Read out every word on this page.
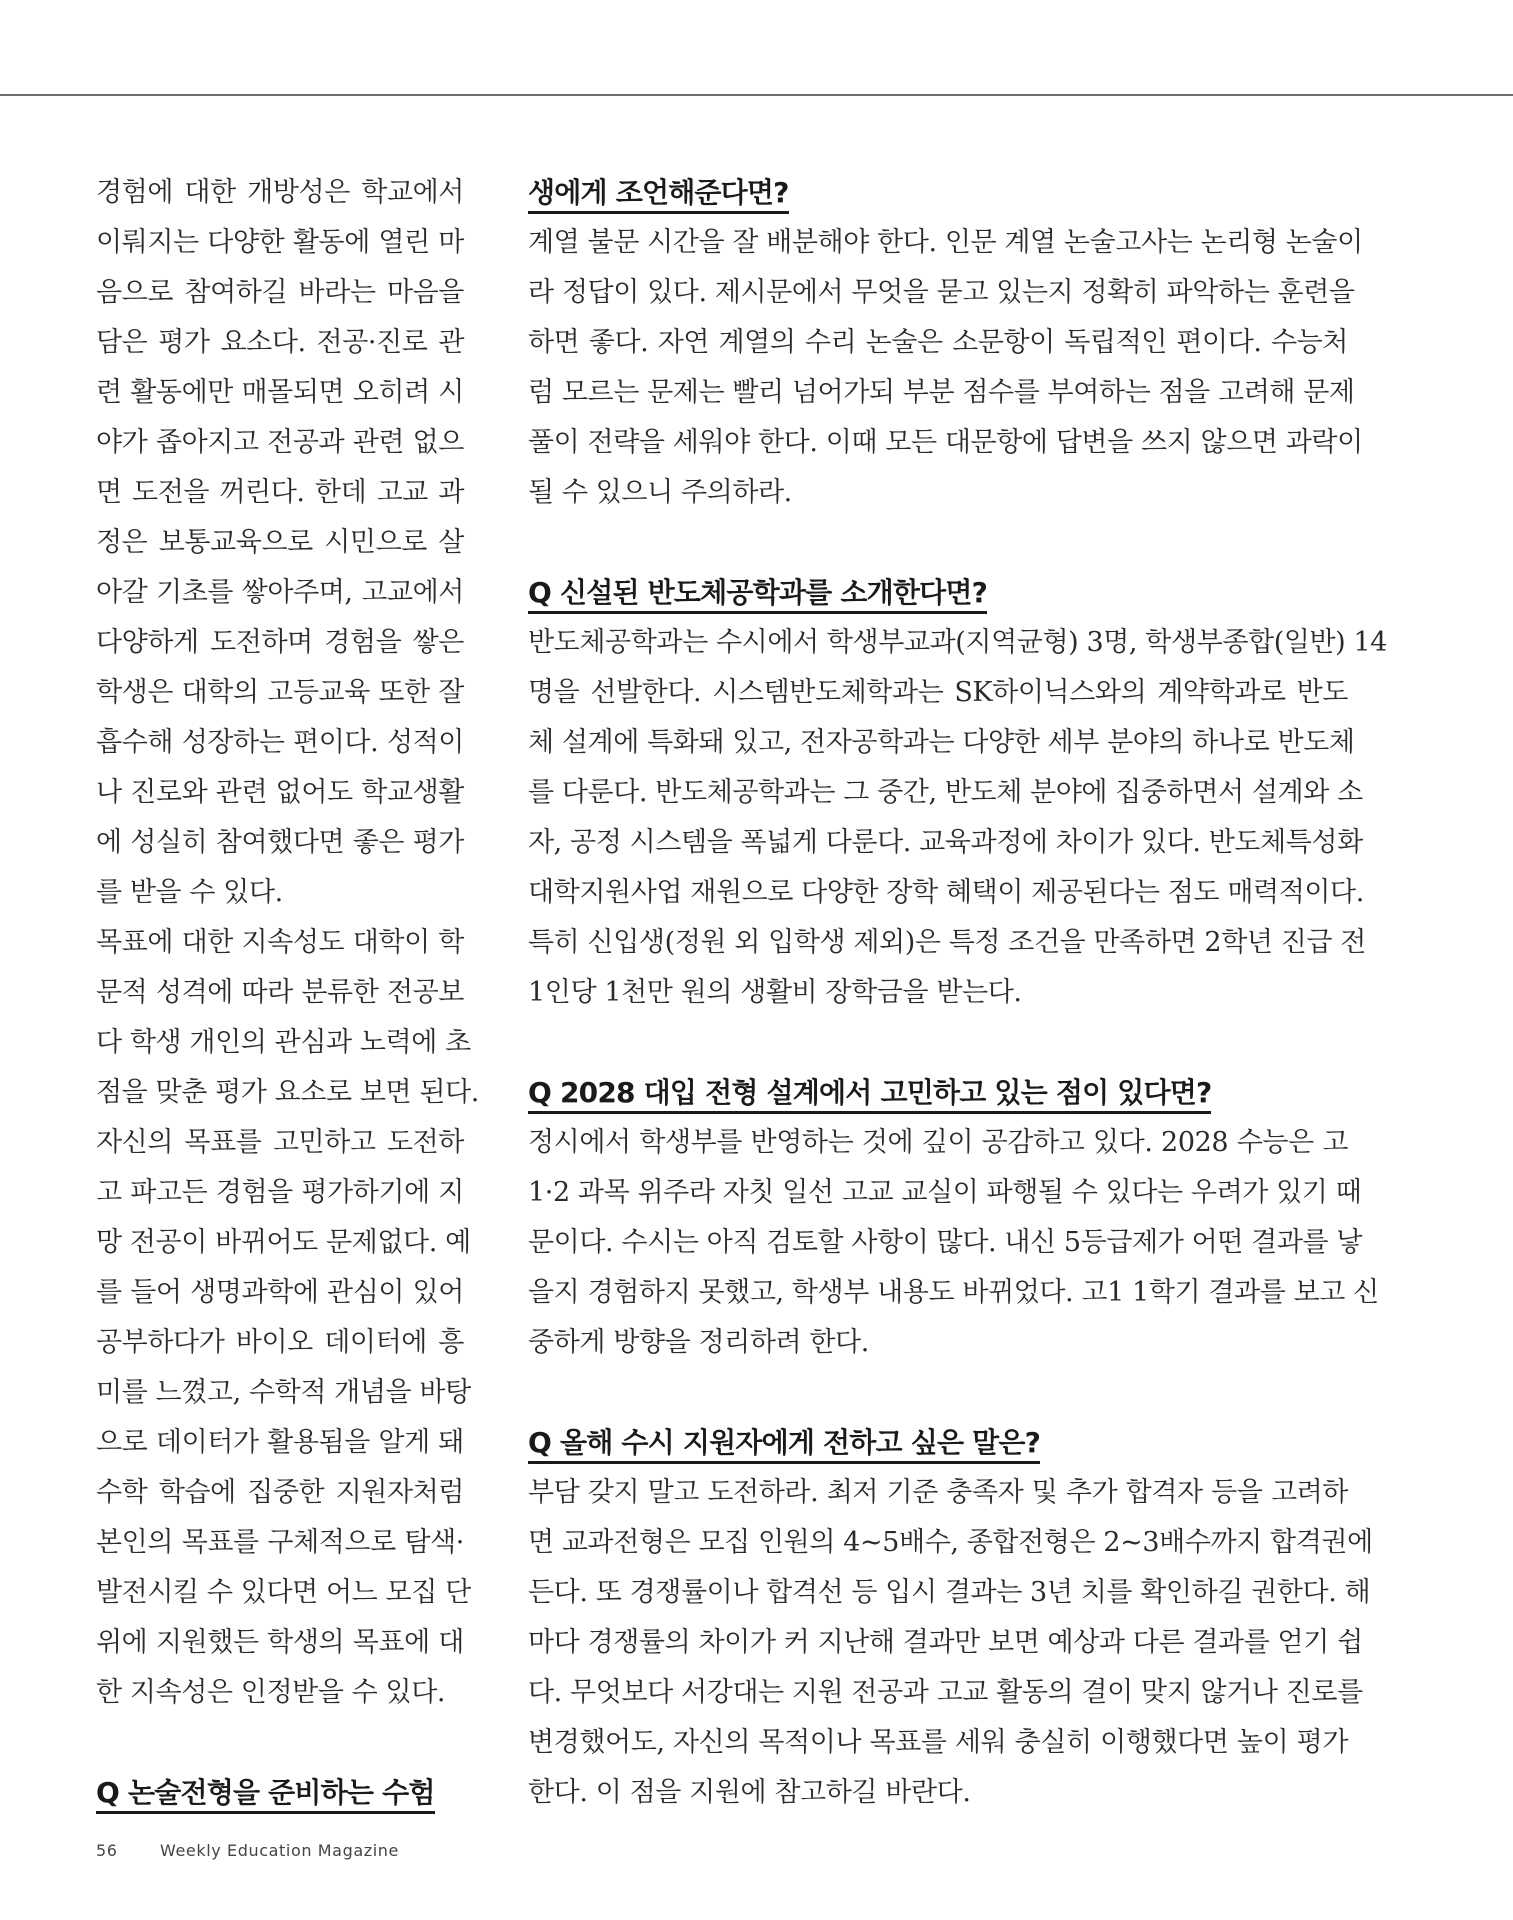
경험에 대한 개방성은 학교에서
이뤄지는 다양한 활동에 열린 마
음으로 참여하길 바라는 마음을
담은 평가 요소다. 전공·진로 관
련 활동에만 매몰되면 오히려 시
야가 좁아지고 전공과 관련 없으
면 도전을 꺼린다. 한데 고교 과
정은 보통교육으로 시민으로 살
아갈 기초를 쌓아주며, 고교에서
다양하게 도전하며 경험을 쌓은
학생은 대학의 고등교육 또한 잘
흡수해 성장하는 편이다. 성적이
나 진로와 관련 없어도 학교생활
에 성실히 참여했다면 좋은 평가
를 받을 수 있다.
목표에 대한 지속성도 대학이 학
문적 성격에 따라 분류한 전공보
다 학생 개인의 관심과 노력에 초
점을 맞춘 평가 요소로 보면 된다.
자신의 목표를 고민하고 도전하
고 파고든 경험을 평가하기에 지
망 전공이 바뀌어도 문제없다. 예
를 들어 생명과학에 관심이 있어
공부하다가 바이오 데이터에 흥
미를 느꼈고, 수학적 개념을 바탕
으로 데이터가 활용됨을 알게 돼
수학 학습에 집중한 지원자처럼
본인의 목표를 구체적으로 탐색·
발전시킬 수 있다면 어느 모집 단
위에 지원했든 학생의 목표에 대
한 지속성은 인정받을 수 있다.
Q 논술전형을 준비하는 수험
생에게 조언해준다면?
계열 불문 시간을 잘 배분해야 한다. 인문 계열 논술고사는 논리형 논술이
라 정답이 있다. 제시문에서 무엇을 묻고 있는지 정확히 파악하는 훈련을
하면 좋다. 자연 계열의 수리 논술은 소문항이 독립적인 편이다. 수능처
럼 모르는 문제는 빨리 넘어가되 부분 점수를 부여하는 점을 고려해 문제
풀이 전략을 세워야 한다. 이때 모든 대문항에 답변을 쓰지 않으면 과락이
될 수 있으니 주의하라.
Q 신설된 반도체공학과를 소개한다면?
반도체공학과는 수시에서 학생부교과(지역균형) 3명, 학생부종합(일반) 14
명을 선발한다. 시스템반도체학과는 SK하이닉스와의 계약학과로 반도
체 설계에 특화돼 있고, 전자공학과는 다양한 세부 분야의 하나로 반도체
를 다룬다. 반도체공학과는 그 중간, 반도체 분야에 집중하면서 설계와 소
자, 공정 시스템을 폭넓게 다룬다. 교육과정에 차이가 있다. 반도체특성화
대학지원사업 재원으로 다양한 장학 혜택이 제공된다는 점도 매력적이다.
특히 신입생(정원 외 입학생 제외)은 특정 조건을 만족하면 2학년 진급 전
1인당 1천만 원의 생활비 장학금을 받는다.
Q 2028 대입 전형 설계에서 고민하고 있는 점이 있다면?
정시에서 학생부를 반영하는 것에 깊이 공감하고 있다. 2028 수능은 고
1·2 과목 위주라 자칫 일선 고교 교실이 파행될 수 있다는 우려가 있기 때
문이다. 수시는 아직 검토할 사항이 많다. 내신 5등급제가 어떤 결과를 낳
을지 경험하지 못했고, 학생부 내용도 바뀌었다. 고1 1학기 결과를 보고 신
중하게 방향을 정리하려 한다.
Q 올해 수시 지원자에게 전하고 싶은 말은?
부담 갖지 말고 도전하라. 최저 기준 충족자 및 추가 합격자 등을 고려하
면 교과전형은 모집 인원의 4~5배수, 종합전형은 2~3배수까지 합격권에
든다. 또 경쟁률이나 합격선 등 입시 결과는 3년 치를 확인하길 권한다. 해
마다 경쟁률의 차이가 커 지난해 결과만 보면 예상과 다른 결과를 얻기 쉽
다. 무엇보다 서강대는 지원 전공과 고교 활동의 결이 맞지 않거나 진로를
변경했어도, 자신의 목적이나 목표를 세워 충실히 이행했다면 높이 평가
한다. 이 점을 지원에 참고하길 바란다.
56	Weekly Education Magazine
